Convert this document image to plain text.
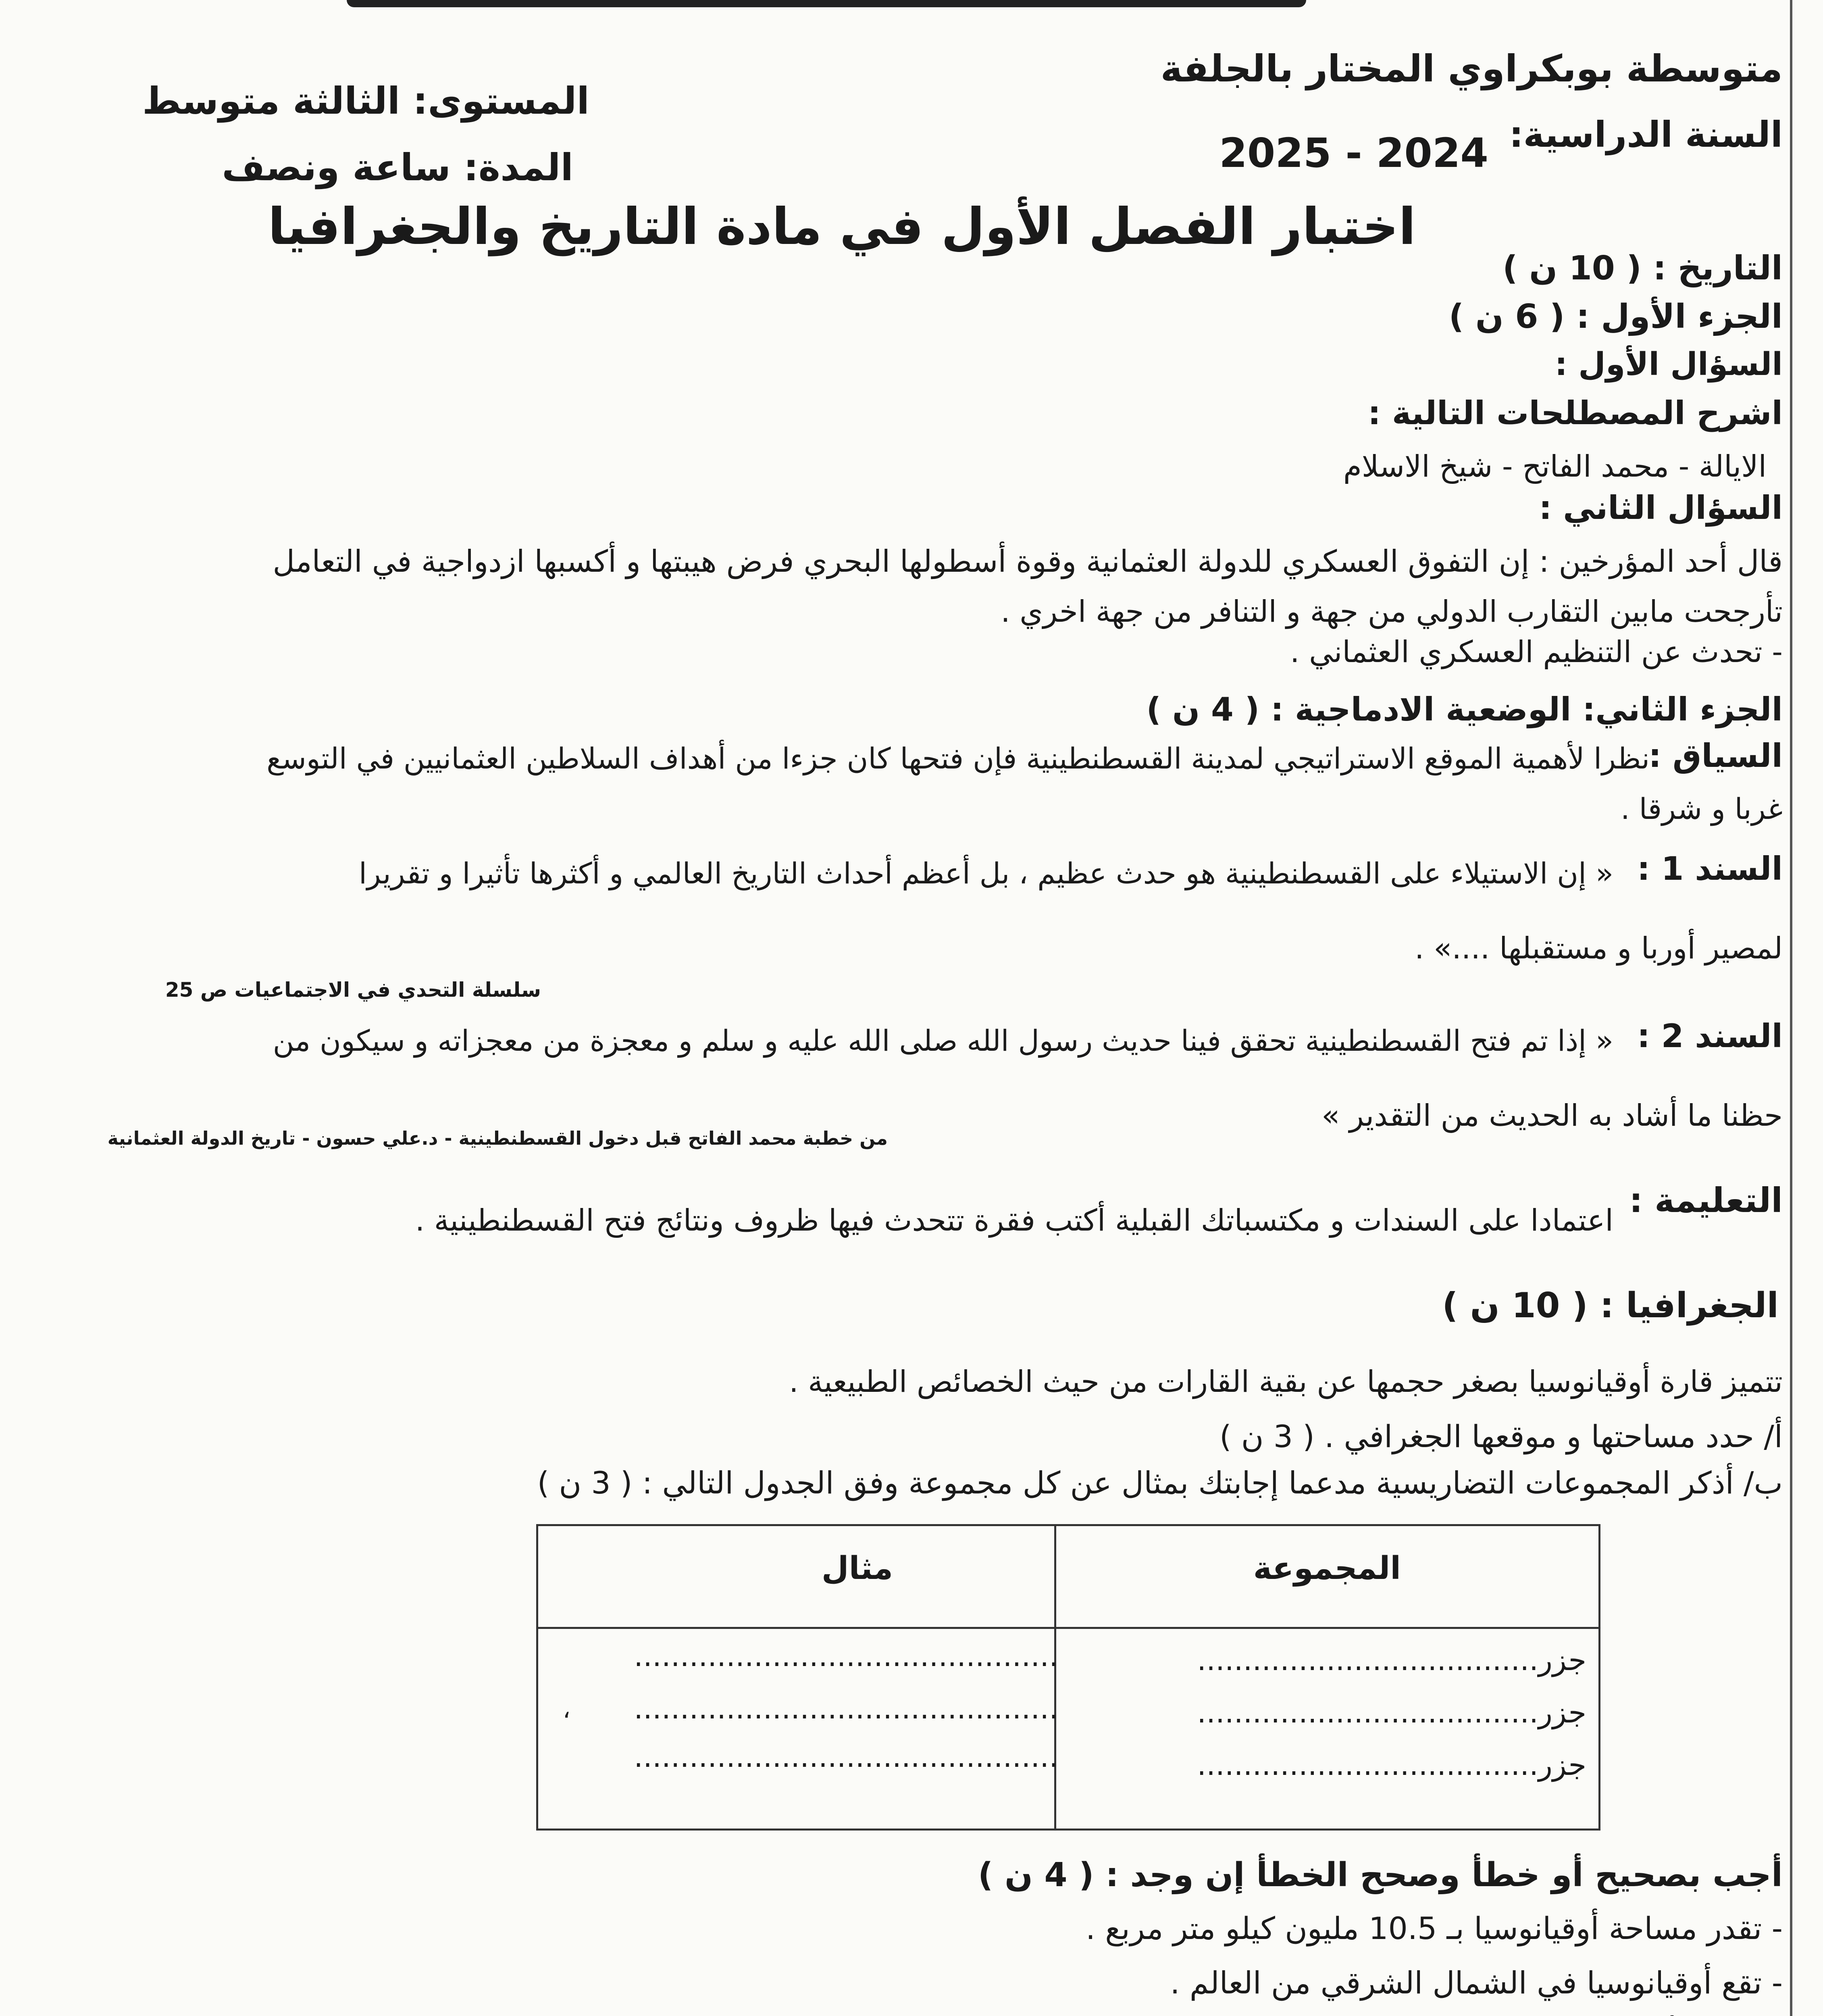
متوسطة بوبكراوي المختار بالجلفة
السنة الدراسية:
2025 - 2024
المستوى: الثالثة متوسط
المدة: ساعة ونصف
اختبار الفصل الأول في مادة التاريخ والجغرافيا
التاريخ : ( 10 ن )
الجزء الأول : ( 6 ن )
السؤال الأول :
اشرح المصطلحات التالية :
الايالة - محمد الفاتح - شيخ الاسلام
السؤال الثاني :
قال أحد المؤرخين : إن التفوق العسكري للدولة العثمانية وقوة أسطولها البحري فرض هيبتها و أكسبها ازدواجية في التعامل
تأرجحت مابين التقارب الدولي من جهة و التنافر من جهة اخري .
- تحدث عن التنظيم العسكري العثماني .
الجزء الثاني: الوضعية الادماجية : ( 4 ن )
السياق :
نظرا لأهمية الموقع الاستراتيجي لمدينة القسطنطينية فإن فتحها كان جزءا من أهداف السلاطين العثمانيين في التوسع
غربا و شرقا .
السند 1 :
« إن الاستيلاء على القسطنطينية هو حدث عظيم ، بل أعظم أحداث التاريخ العالمي و أكثرها تأثيرا و تقريرا
لمصير أوربا و مستقبلها ....» .
سلسلة التحدي في الاجتماعيات ص 25
السند 2 :
« إذا تم فتح القسطنطينية تحقق فينا حديث رسول الله صلى الله عليه و سلم و معجزة من معجزاته و سيكون من
حظنا ما أشاد به الحديث من التقدير »
من خطبة محمد الفاتح قبل دخول القسطنطينية - د.علي حسون - تاريخ الدولة العثمانية
التعليمة :
اعتمادا على السندات و مكتسباتك القبلية أكتب فقرة تتحدث فيها ظروف ونتائج فتح القسطنطينية .
الجغرافيا : ( 10 ن )
تتميز قارة أوقيانوسيا بصغر حجمها عن بقية القارات من حيث الخصائص الطبيعية .
أ/ حدد مساحتها و موقعها الجغرافي . ( 3 ن )
ب/ أذكر المجموعات التضاريسية مدعما إجابتك بمثال عن كل مجموعة وفق الجدول التالي : ( 3 ن )
المجموعة
مثال
جزر.....................................
جزر.....................................
جزر.....................................
..............................................
..............................................
..............................................
،
أجب بصحيح أو خطأ وصحح الخطأ إن وجد : ( 4 ن )
- تقدر مساحة أوقيانوسيا بـ 10.5 مليون كيلو متر مربع .
- تقع أوقيانوسيا في الشمال الشرقي من العالم .
